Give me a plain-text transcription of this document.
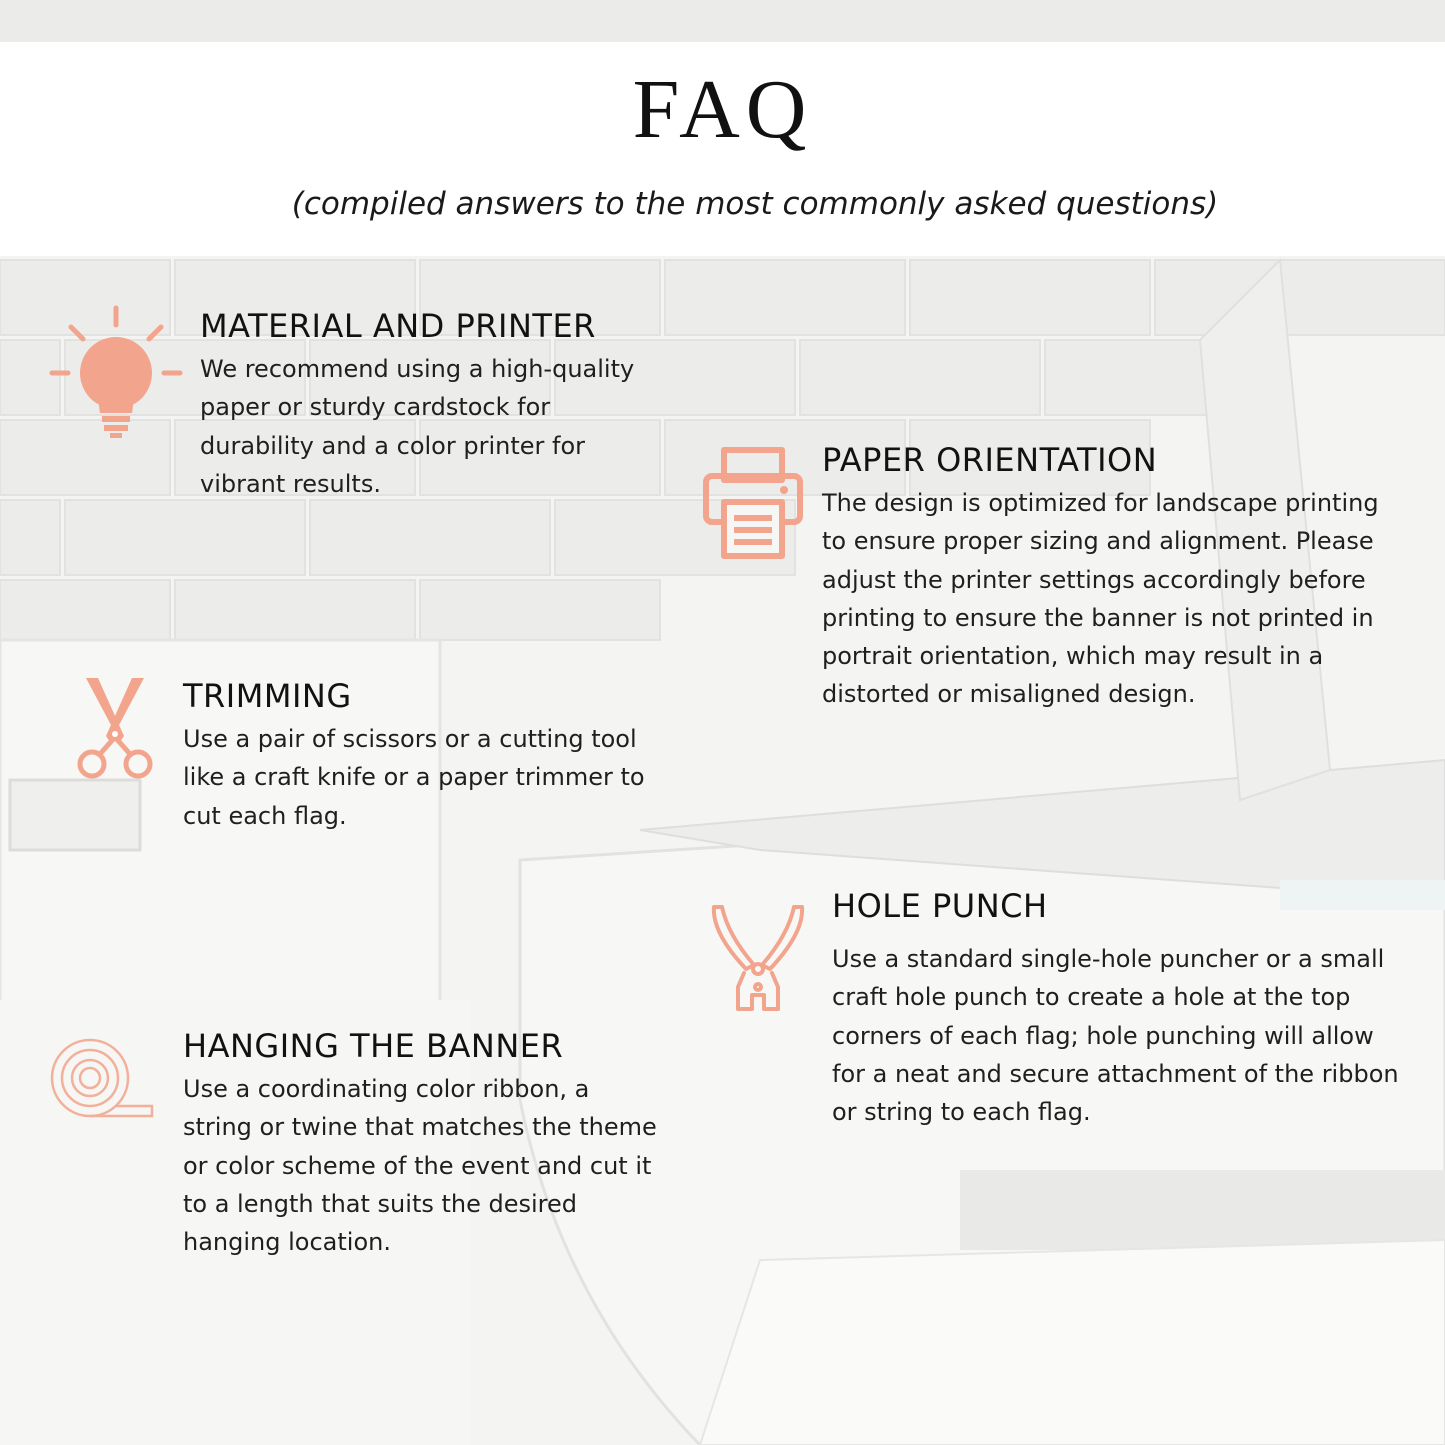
FAQ
(compiled answers to the most commonly asked questions)
MATERIAL AND PRINTER

We recommend using a high-quality paper or sturdy cardstock for durability and a color printer for vibrant results.

PAPER ORIENTATION

The design is optimized for landscape printing to ensure proper sizing and alignment. Please adjust the printer settings accordingly before printing to ensure the banner is not printed in portrait orientation, which may result in a distorted or misaligned design.

TRIMMING

Use a pair of scissors or a cutting tool like a craft knife or a paper trimmer to cut each flag.

HOLE PUNCH

Use a standard single-hole puncher or a small craft hole punch to create a hole at the top corners of each flag; hole punching will allow for a neat and secure attachment of the ribbon or string to each flag.

HANGING THE BANNER

Use a coordinating color ribbon, a string or twine that matches the theme or color scheme of the event and cut it to a length that suits the desired hanging location.
